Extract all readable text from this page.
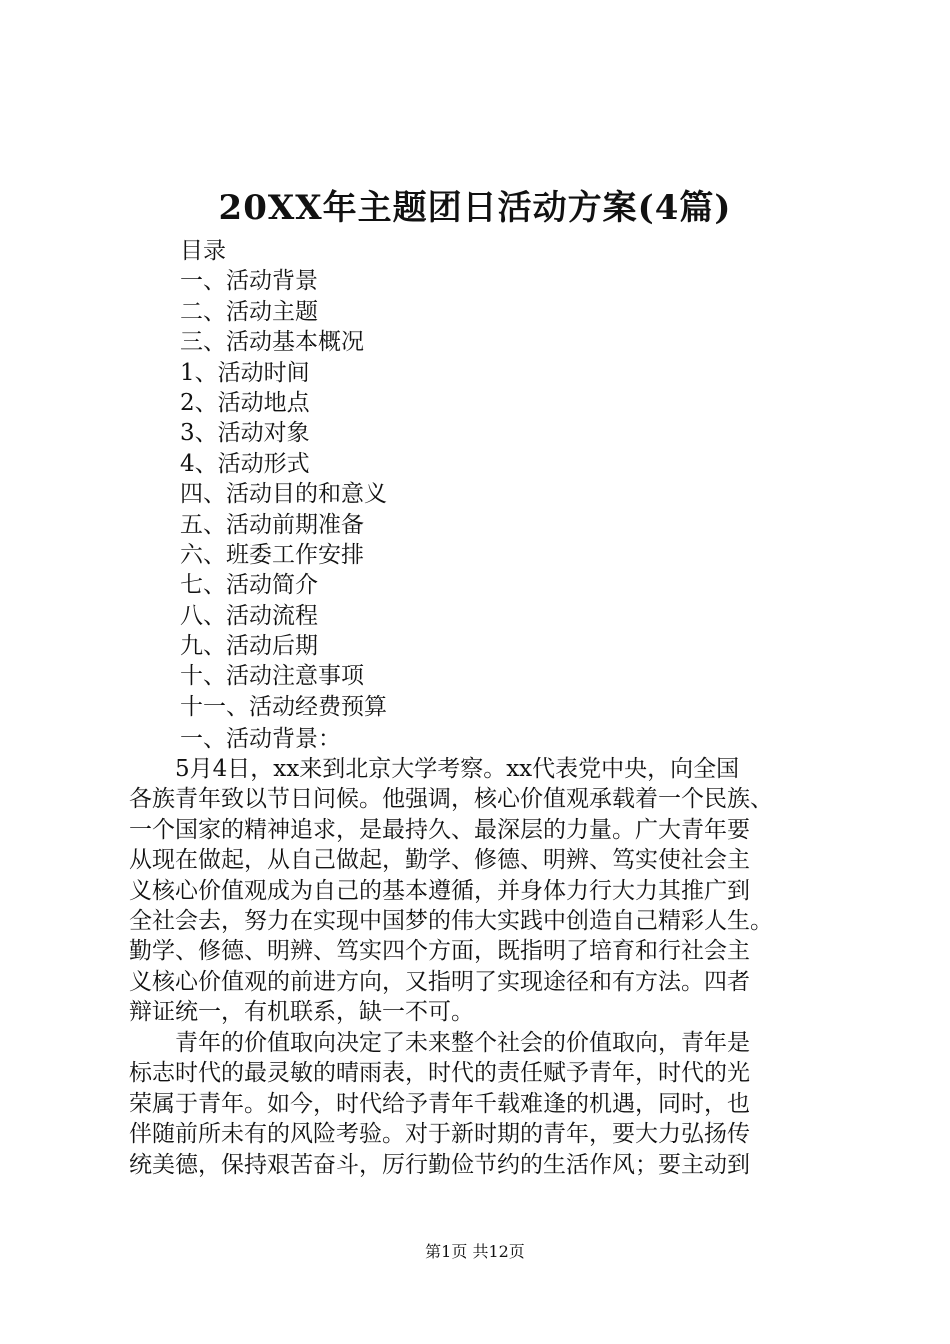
20XX年主题团日活动方案(4篇)
目录
一、活动背景
二、活动主题
三、活动基本概况
1、活动时间
2、活动地点
3、活动对象
4、活动形式
四、活动目的和意义
五、活动前期准备
六、班委工作安排
七、活动简介
八、活动流程
九、活动后期
十、活动注意事项
十一、活动经费预算
一、活动背景：
　　5月4日，xx来到北京大学考察。xx代表党中央，向全国
各族青年致以节日问候。他强调，核心价值观承载着一个民族、
一个国家的精神追求，是最持久、最深层的力量。广大青年要
从现在做起，从自己做起，勤学、修德、明辨、笃实使社会主
义核心价值观成为自己的基本遵循，并身体力行大力其推广到
全社会去，努力在实现中国梦的伟大实践中创造自己精彩人生。
勤学、修德、明辨、笃实四个方面，既指明了培育和行社会主
义核心价值观的前进方向，又指明了实现途径和有方法。四者
辩证统一，有机联系，缺一不可。
　　青年的价值取向决定了未来整个社会的价值取向，青年是
标志时代的最灵敏的晴雨表，时代的责任赋予青年，时代的光
荣属于青年。如今，时代给予青年千载难逢的机遇，同时，也
伴随前所未有的风险考验。对于新时期的青年，要大力弘扬传
统美德，保持艰苦奋斗，厉行勤俭节约的生活作风；要主动到
第1页 共12页
